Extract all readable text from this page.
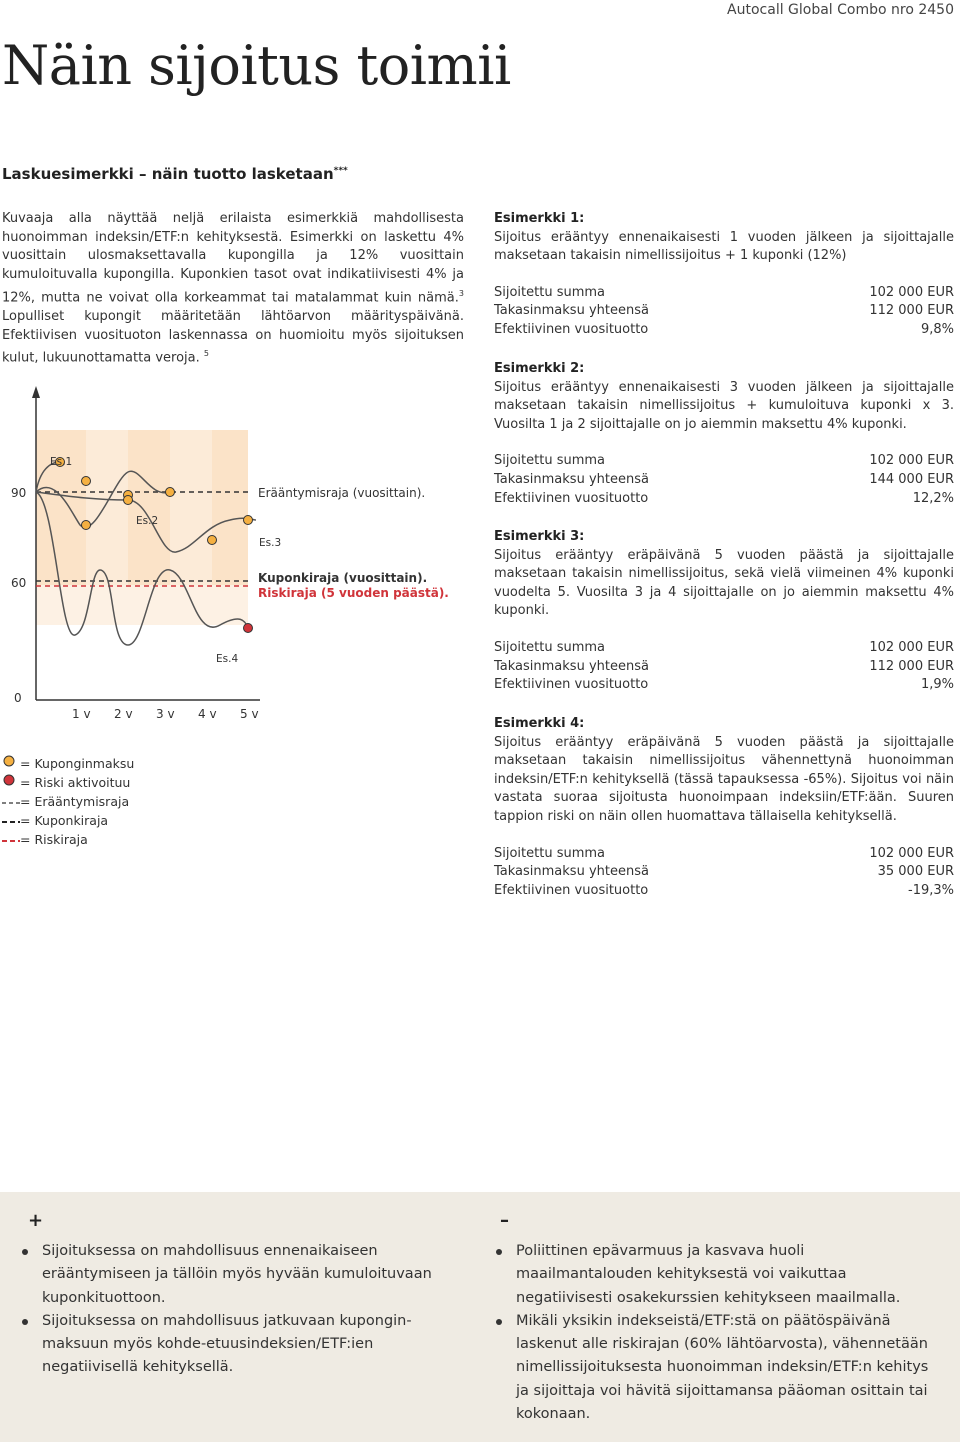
Autocall Global Combo nro 2450
Näin sijoitus toimii
Laskuesimerkki – näin tuotto lasketaan***
Kuvaaja alla näyttää neljä erilaista esimerkkiä mahdollisesta huonoimman indeksin/ETF:n kehityksestä. Esimerkki on laskettu 4% vuosittain ulosmaksettavalla kupongilla ja 12% vuosittain kumuloituvalla kupongilla. Kuponkien tasot ovat indikatiivisesti 4% ja 12%, mutta ne voivat olla korkeammat tai matalammat kuin nämä.$^3$ Lopulliset kupongit määritetään lähtöarvon määrityspäivänä. Efektiivisen vuosituoton laskennassa on huomioitu myös sijoituksen kulut, lukuunottamatta veroja. $^5$
Es.1
Es.2
Es.3
Es.4
90
60
0
1 v 2 v 3 v 4 v 5 v
Erääntymisraja (vuosittain).
Kuponkiraja (vuosittain).
Riskiraja (5 vuoden päästä).
= Kuponginmaksu
= Riski aktivoituu
= Erääntymisraja
= Kuponkiraja
= Riskiraja
Esimerkki 1:
Sijoitus erääntyy ennenaikaisesti 1 vuoden jälkeen ja sijoittajalle maksetaan takaisin nimellissijoitus + 1 kuponki (12%)
Sijoitettu summa	102 000 EUR
Takasinmaksu yhteensä	112 000 EUR
Efektiivinen vuosituotto	9,8%
Esimerkki 2:
Sijoitus erääntyy ennenaikaisesti 3 vuoden jälkeen ja sijoittajalle maksetaan takaisin nimellissijoitus + kumuloituva kuponki x 3. Vuosilta 1 ja 2 sijoittajalle on jo aiemmin maksettu 4% kuponki.
Sijoitettu summa	102 000 EUR
Takasinmaksu yhteensä	144 000 EUR
Efektiivinen vuosituotto	12,2%
Esimerkki 3:
Sijoitus erääntyy eräpäivänä 5 vuoden päästä ja sijoittajalle maksetaan takaisin nimellissijoitus, sekä vielä viimeinen 4% kuponki vuodelta 5. Vuosilta 3 ja 4 sijoittajalle on jo aiemmin maksettu 4% kuponki.
Sijoitettu summa	102 000 EUR
Takasinmaksu yhteensä	112 000 EUR
Efektiivinen vuosituotto	1,9%
Esimerkki 4:
Sijoitus erääntyy eräpäivänä 5 vuoden päästä ja sijoittajalle maksetaan takaisin nimellissijoitus vähennettynä huonoimman indeksin/ETF:n kehityksellä (tässä tapauksessa -65%). Sijoitus voi näin vastata suoraa sijoitusta huonoimpaan indeksiin/ETF:ään. Suuren tappion riski on näin ollen huomattava tällaisella kehityksellä.
Sijoitettu summa	102 000 EUR
Takasinmaksu yhteensä	35 000 EUR
Efektiivinen vuosituotto	-19,3%
+
Sijoituksessa on mahdollisuus ennenaikaiseen erääntymiseen ja tällöin myös hyvään kumuloituvaan kuponkituottoon.
Sijoituksessa on mahdollisuus jatkuvaan kuponginmaksuun myös kohde-etuusindeksien/ETF:ien negatiivisellä kehityksellä.
–
Poliittinen epävarmuus ja kasvava huoli maailmantalouden kehityksestä voi vaikuttaa negatiivisesti osakekurssien kehitykseen maailmalla.
Mikäli yksikin indekseistä/ETF:stä on päätöspäivänä laskenut alle riskirajan (60% lähtöarvosta), vähennetään nimellissijoituksesta huonoimman indeksin/ETF:n kehitys ja sijoittaja voi hävitä sijoittamansa pääoman osittain tai kokonaan.
